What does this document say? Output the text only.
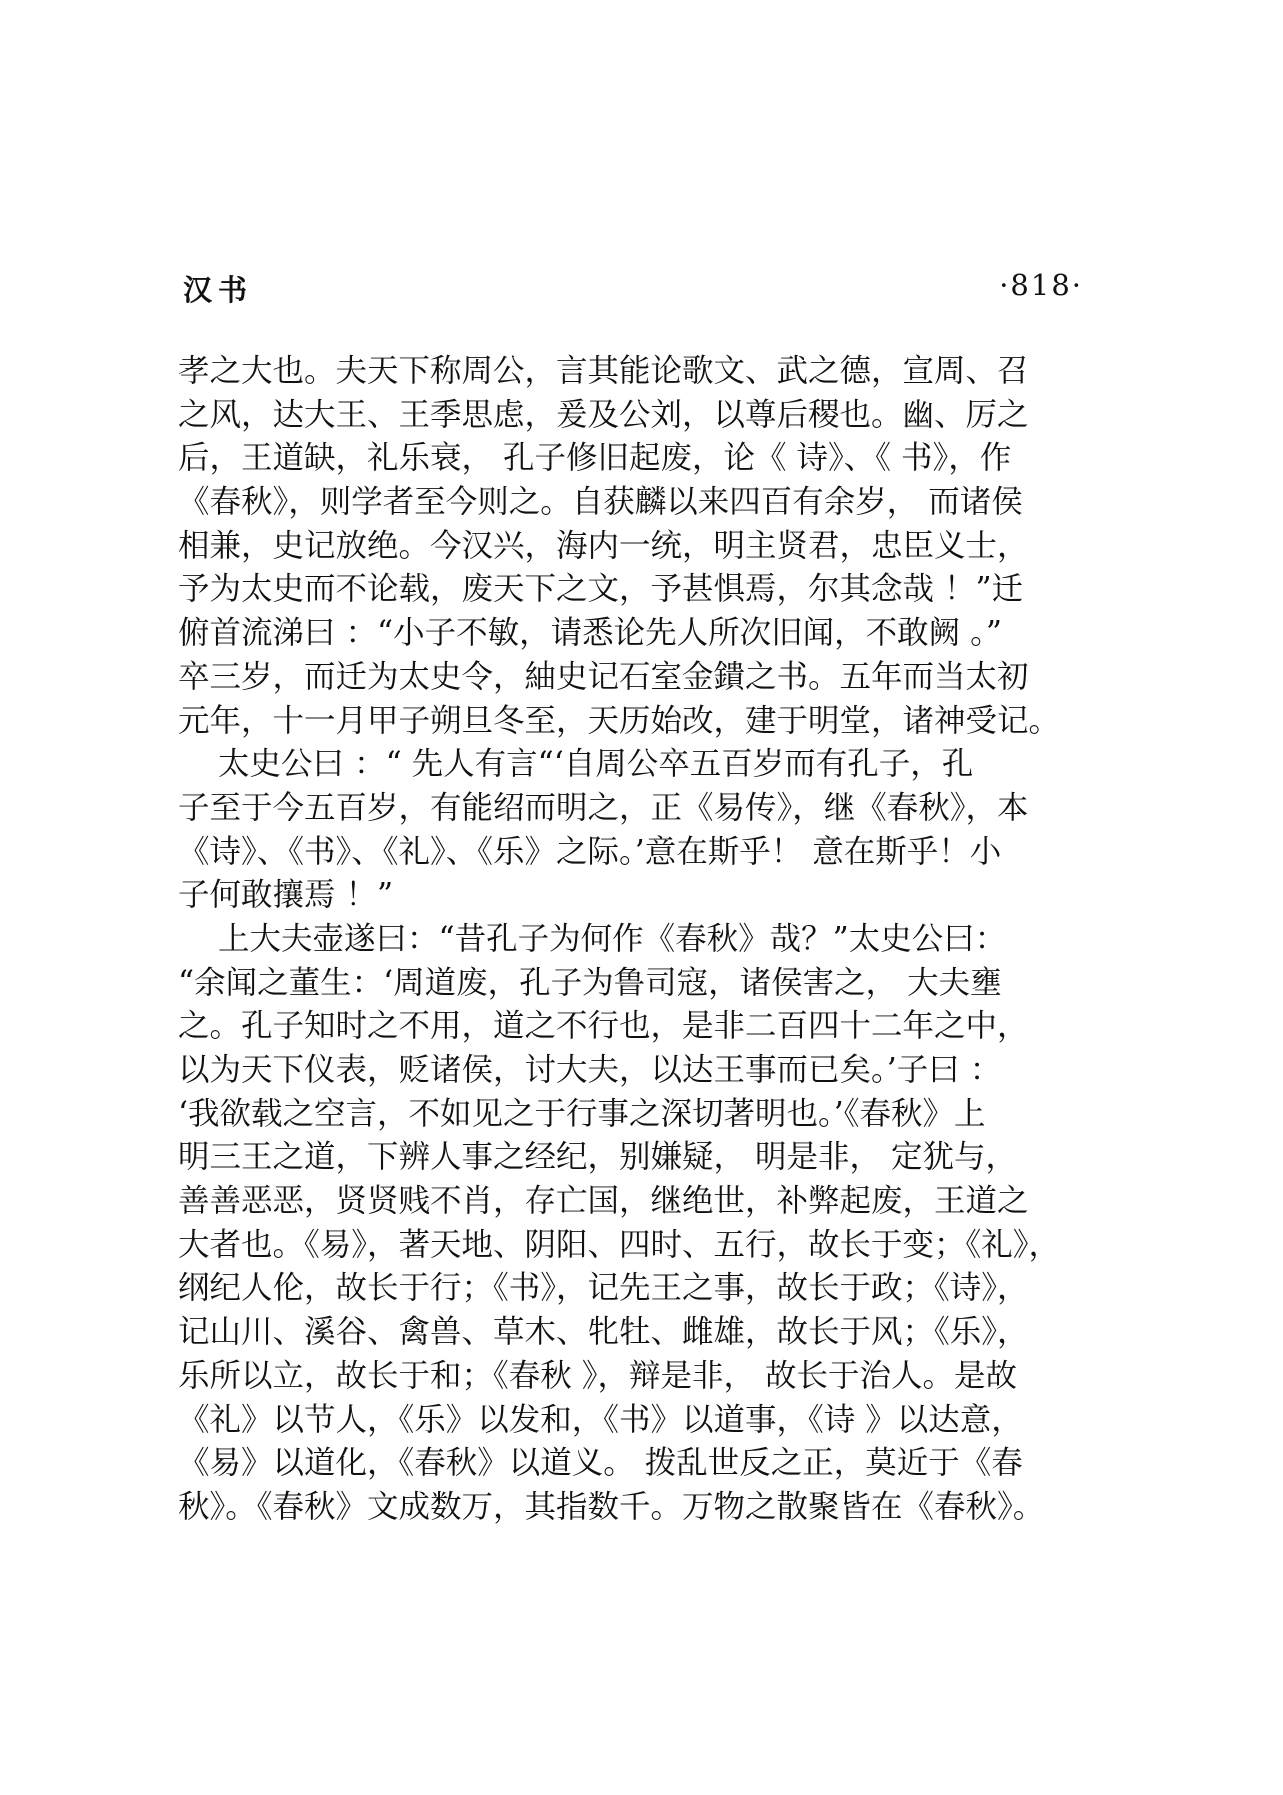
汉书	·818·
孝之大也。夫天下称周公，言其能论歌文、武之德，宣周、召
之风，达大王、王季思虑，爰及公刘，以尊后稷也。幽、厉之
后，王道缺，礼乐衰， 孔子修旧起废，论《 诗》、《 书》，作
《春秋》，则学者至今则之。自获麟以来四百有余岁， 而诸侯
相兼，史记放绝。今汉兴，海内一统，明主贤君，忠臣义士，
予为太史而不论载，废天下之文，予甚惧焉，尔其念哉 ！”迁
俯首流涕曰 ：“小子不敏，请悉论先人所次旧闻，不敢阙 。”
卒三岁，而迁为太史令，紬史记石室金鐀之书。五年而当太初
元年，十一月甲子朔旦冬至，天历始改，建于明堂，诸神受记。
太史公曰 ：“ 先人有言“‘自周公卒五百岁而有孔子，孔
子至于今五百岁，有能绍而明之，正《易传》，继《春秋》，本
《诗》、《书》、《礼》、《乐》之际。’意在斯乎！ 意在斯乎！小
子何敢攘焉 ！”
上大夫壶遂曰：“昔孔子为何作《春秋》哉？”太史公曰：
“余闻之董生：‘周道废，孔子为鲁司寇，诸侯害之， 大夫壅
之。孔子知时之不用，道之不行也，是非二百四十二年之中，
以为天下仪表，贬诸侯，讨大夫，以达王事而已矣。’子曰 ：
‘我欲载之空言，不如见之于行事之深切著明也。’《春秋》上
明三王之道，下辨人事之经纪，别嫌疑， 明是非， 定犹与，
善善恶恶，贤贤贱不肖，存亡国，继绝世，补弊起废，王道之
大者也。《易》，著天地、阴阳、四时、五行，故长于变；《礼》，
纲纪人伦，故长于行；《书》，记先王之事，故长于政；《诗》，
记山川、溪谷、禽兽、草木、牝牡、雌雄，故长于风；《乐》，
乐所以立，故长于和；《春秋 》，辩是非， 故长于治人。是故
《礼》以节人，《乐》以发和，《书》以道事，《诗 》以达意，
《易》以道化，《春秋》以道义。 拨乱世反之正，莫近于《春
秋》。《春秋》文成数万，其指数千。万物之散聚皆在《春秋》。
